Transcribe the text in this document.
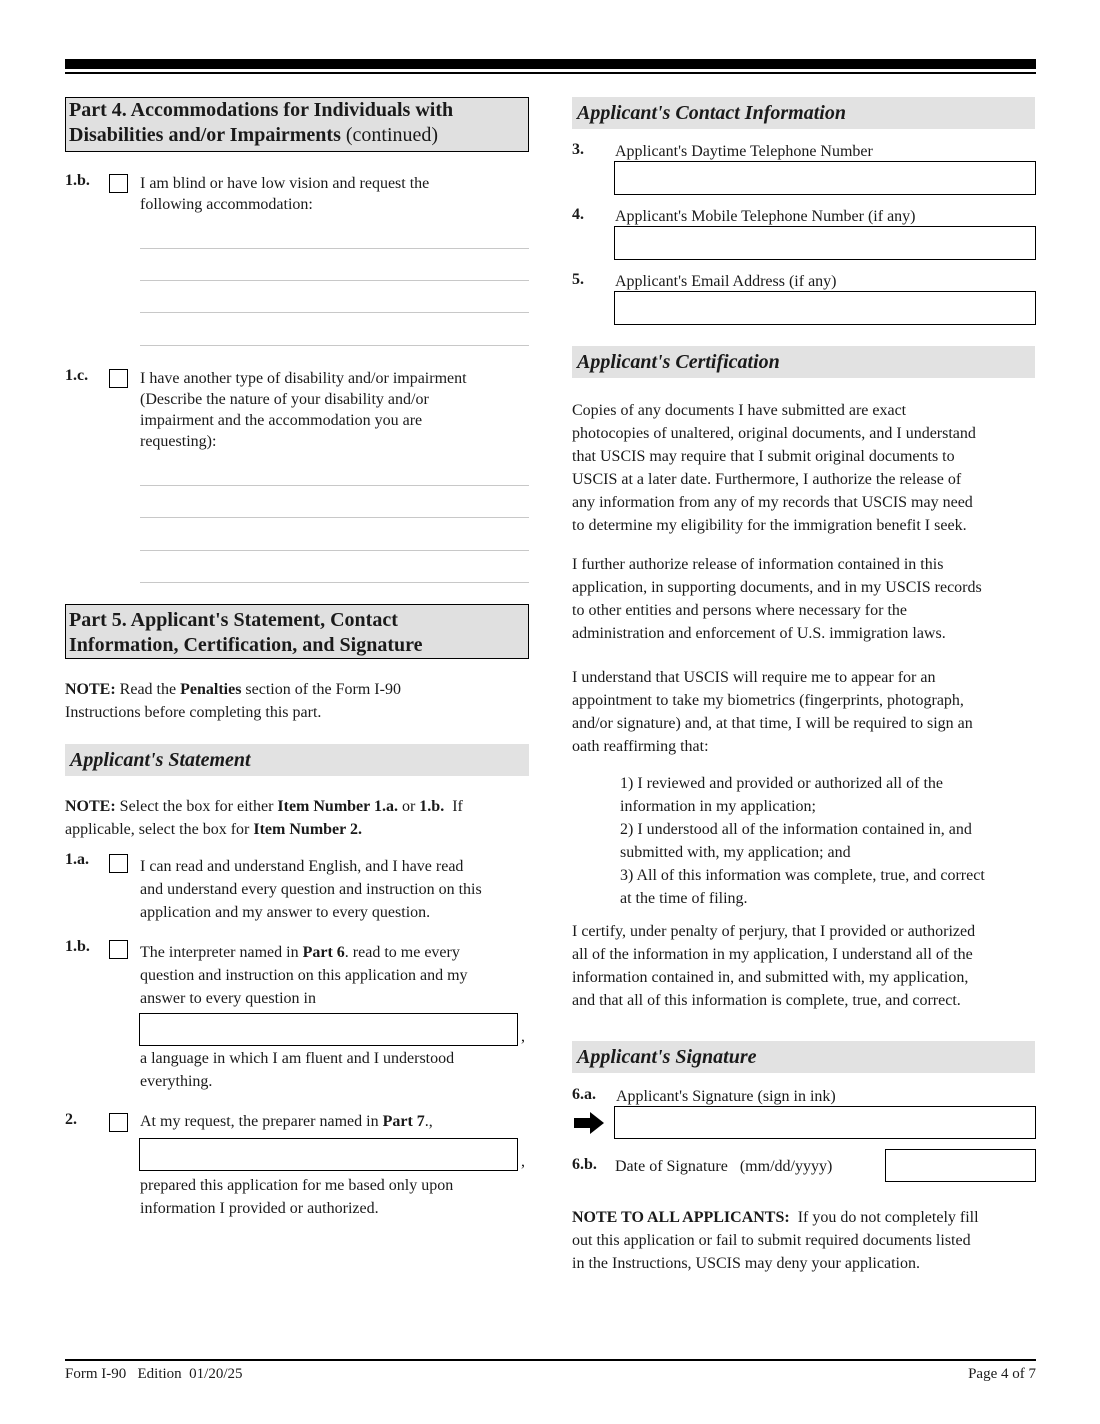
Part 4. Accommodations for Individuals with
Disabilities and/or Impairments (continued)
1.b.	I am blind or have low vision and request the
following accommodation:
1.c.	I have another type of disability and/or impairment
(Describe the nature of your disability and/or
impairment and the accommodation you are
requesting):
Part 5. Applicant's Statement, Contact
Information, Certification, and Signature
NOTE: Read the Penalties section of the Form I-90
Instructions before completing this part.
Applicant's Statement
NOTE: Select the box for either Item Number 1.a. or 1.b.  If
applicable, select the box for Item Number 2.
1.a.	I can read and understand English, and I have read
and understand every question and instruction on this
application and my answer to every question.
1.b.	The interpreter named in Part 6. read to me every
question and instruction on this application and my
answer to every question in
,
a language in which I am fluent and I understood
everything.
2.	At my request, the preparer named in Part 7.,
,
prepared this application for me based only upon
information I provided or authorized.
Applicant's Contact Information
3. Applicant's Daytime Telephone Number
4. Applicant's Mobile Telephone Number (if any)
5. Applicant's Email Address (if any)
Applicant's Certification
Copies of any documents I have submitted are exact
photocopies of unaltered, original documents, and I understand
that USCIS may require that I submit original documents to
USCIS at a later date. Furthermore, I authorize the release of
any information from any of my records that USCIS may need
to determine my eligibility for the immigration benefit I seek.
I further authorize release of information contained in this
application, in supporting documents, and in my USCIS records
to other entities and persons where necessary for the
administration and enforcement of U.S. immigration laws.
I understand that USCIS will require me to appear for an
appointment to take my biometrics (fingerprints, photograph,
and/or signature) and, at that time, I will be required to sign an
oath reaffirming that:
1) I reviewed and provided or authorized all of the
information in my application;
2) I understood all of the information contained in, and
submitted with, my application; and
3) All of this information was complete, true, and correct
at the time of filing.
I certify, under penalty of perjury, that I provided or authorized
all of the information in my application, I understand all of the
information contained in, and submitted with, my application,
and that all of this information is complete, true, and correct.
Applicant's Signature
6.a. Applicant's Signature (sign in ink)
6.b. Date of Signature   (mm/dd/yyyy)
NOTE TO ALL APPLICANTS:  If you do not completely fill
out this application or fail to submit required documents listed
in the Instructions, USCIS may deny your application.
Form I-90   Edition  01/20/25	Page 4 of 7
